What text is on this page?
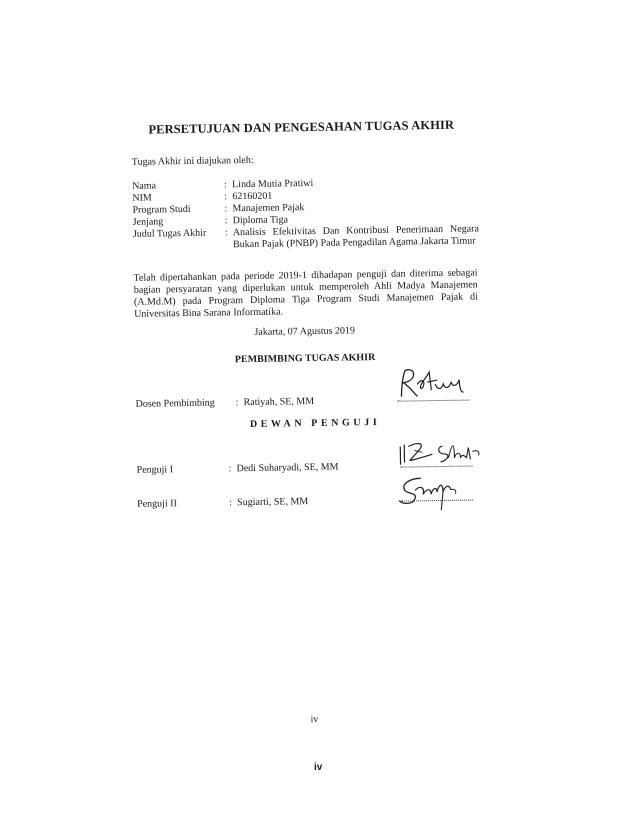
PERSETUJUAN DAN PENGESAHAN TUGAS AKHIR
Tugas Akhir ini diajukan oleh:
Nama	: Linda Mutia Pratiwi
NIM	: 62160201
Program Studi	: Manajemen Pajak
Jenjang	: Diploma Tiga
Judul Tugas Akhir : Analisis Efektivitas Dan Kontribusi Penerimaan Negara Bukan Pajak (PNBP) Pada Pengadilan Agama Jakarta Timur
Telah dipertahankan pada periode 2019-1 dihadapan penguji dan diterima sebagai bagian persyaratan yang diperlukan untuk memperoleh Ahli Madya Manajemen (A.Md.M) pada Program Diploma Tiga Program Studi Manajemen Pajak di Universitas Bina Sarana Informatika.
Jakarta, 07 Agustus 2019
PEMBIMBING TUGAS AKHIR
Dosen Pembimbing : Ratiyah, SE, MM
DEWAN PENGUJI
Penguji I	: Dedi Suharyadi, SE, MM
Penguji II	: Sugiarti, SE, MM
iv
iv
